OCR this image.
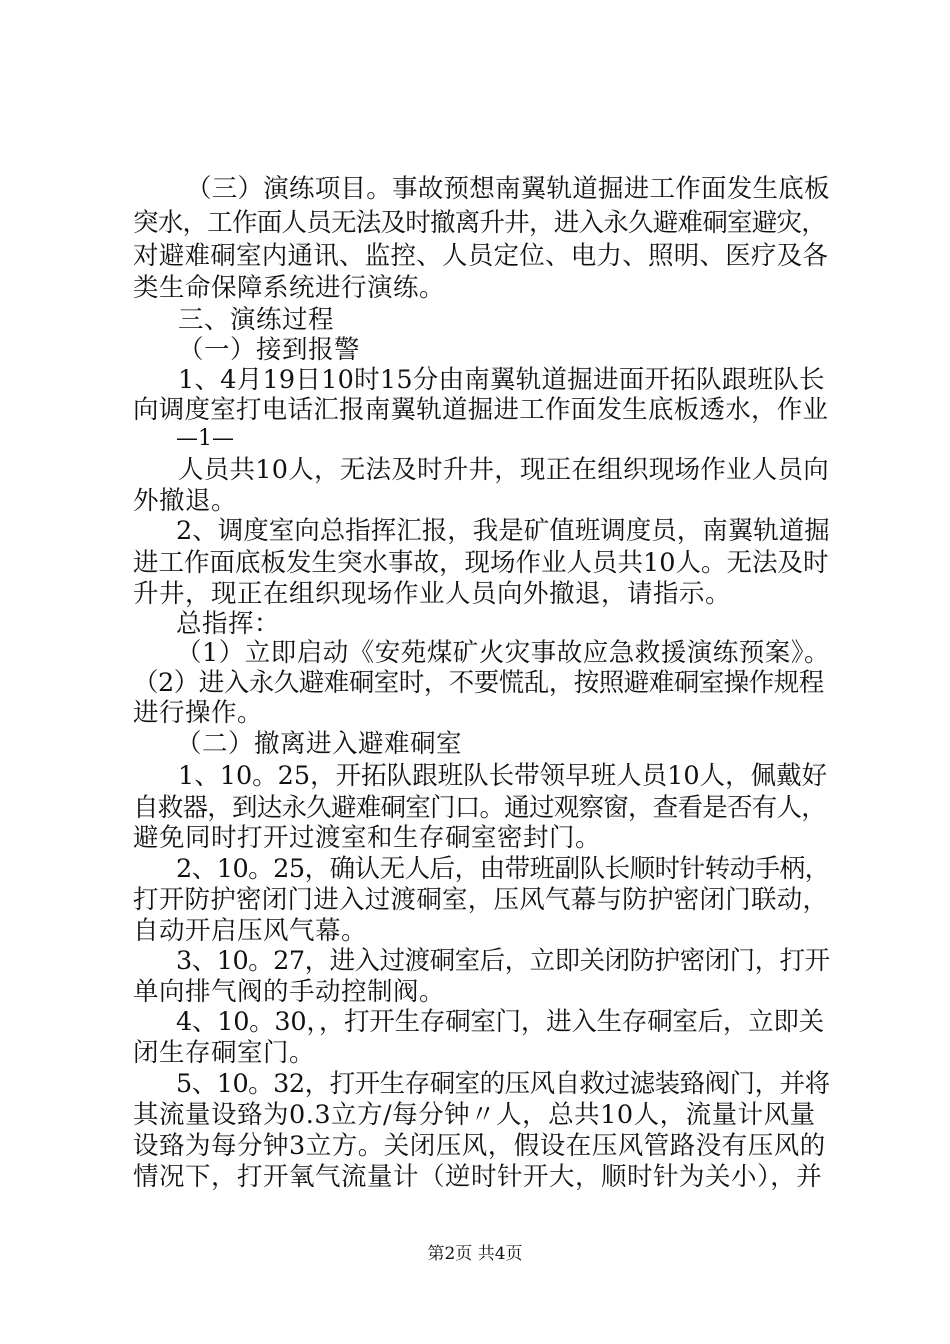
（三）演练项目。事故预想南翼轨道掘进工作面发生底板
突水，工作面人员无法及时撤离升井，进入永久避难硐室避灾，
对避难硐室内通讯、监控、人员定位、电力、照明、医疗及各
类生命保障系统进行演练。
三、演练过程
（一）接到报警
1、4月19日10时15分由南翼轨道掘进面开拓队跟班队长
向调度室打电话汇报南翼轨道掘进工作面发生底板透水，作业
—1—
人员共10人，无法及时升井，现正在组织现场作业人员向
外撤退。
2、调度室向总指挥汇报，我是矿值班调度员，南翼轨道掘
进工作面底板发生突水事故，现场作业人员共10人。无法及时
升井，现正在组织现场作业人员向外撤退，请指示。
总指挥：
（1）立即启动《安苑煤矿火灾事故应急救援演练预案》。
（2）进入永久避难硐室时，不要慌乱，按照避难硐室操作规程
进行操作。
（二）撤离进入避难硐室
1、10。25，开拓队跟班队长带领早班人员10人，佩戴好
自救器，到达永久避难硐室门口。通过观察窗，查看是否有人，
避免同时打开过渡室和生存硐室密封门。
2、10。25，确认无人后，由带班副队长顺时针转动手柄，
打开防护密闭门进入过渡硐室，压风气幕与防护密闭门联动，
自动开启压风气幕。
3、10。27，进入过渡硐室后，立即关闭防护密闭门，打开
单向排气阀的手动控制阀。
4、10。30，，打开生存硐室门，进入生存硐室后，立即关
闭生存硐室门。
5、10。32，打开生存硐室的压风自救过滤装臵阀门，并将
其流量设臵为0.3立方/每分钟〃人，总共10人，流量计风量
设臵为每分钟3立方。关闭压风，假设在压风管路没有压风的
情况下，打开氧气流量计（逆时针开大，顺时针为关小），并
第2页 共4页
